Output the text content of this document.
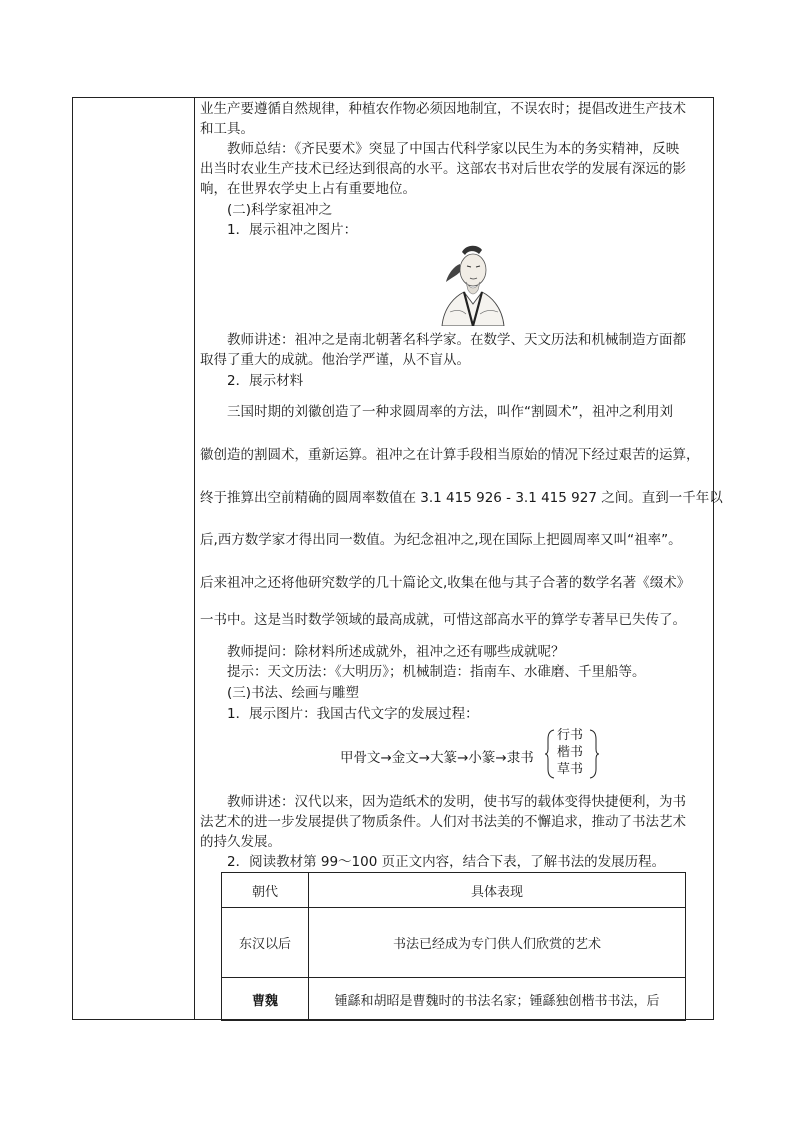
业生产要遵循自然规律，种植农作物必须因地制宜，不误农时；提倡改进生产技术
和工具。
教师总结：《齐民要术》突显了中国古代科学家以民生为本的务实精神，反映
出当时农业生产技术已经达到很高的水平。这部农书对后世农学的发展有深远的影
响，在世界农学史上占有重要地位。
(二)科学家祖冲之
1．展示祖冲之图片：
教师讲述：祖冲之是南北朝著名科学家。在数学、天文历法和机械制造方面都
取得了重大的成就。他治学严谨，从不盲从。
2．展示材料
三国时期的刘徽创造了一种求圆周率的方法，叫作“割圆术”，祖冲之利用刘
徽创造的割圆术，重新运算。祖冲之在计算手段相当原始的情况下经过艰苦的运算，
终于推算出空前精确的圆周率数值在 3.1 415 926 - 3.1 415 927 之间。直到一千年以
后,西方数学家才得出同一数值。为纪念祖冲之,现在国际上把圆周率又叫“祖率”。
后来祖冲之还将他研究数学的几十篇论文,收集在他与其子合著的数学名著《缀术》
一书中。这是当时数学领域的最高成就，可惜这部高水平的算学专著早已失传了。
教师提问：除材料所述成就外，祖冲之还有哪些成就呢？
提示：天文历法：《大明历》；机械制造：指南车、水碓磨、千里船等。
(三)书法、绘画与雕塑
1．展示图片：我国古代文字的发展过程：
甲骨文→金文→大篆→小篆→隶书
行书
楷书
草书
教师讲述：汉代以来，因为造纸术的发明，使书写的载体变得快捷便利，为书
法艺术的进一步发展提供了物质条件。人们对书法美的不懈追求，推动了书法艺术
的持久发展。
2．阅读教材第 99～100 页正文内容，结合下表，了解书法的发展历程。
朝代	具体表现
东汉以后	书法已经成为专门供人们欣赏的艺术
曹魏	锺繇和胡昭是曹魏时的书法名家；锺繇独创楷书书法，后
